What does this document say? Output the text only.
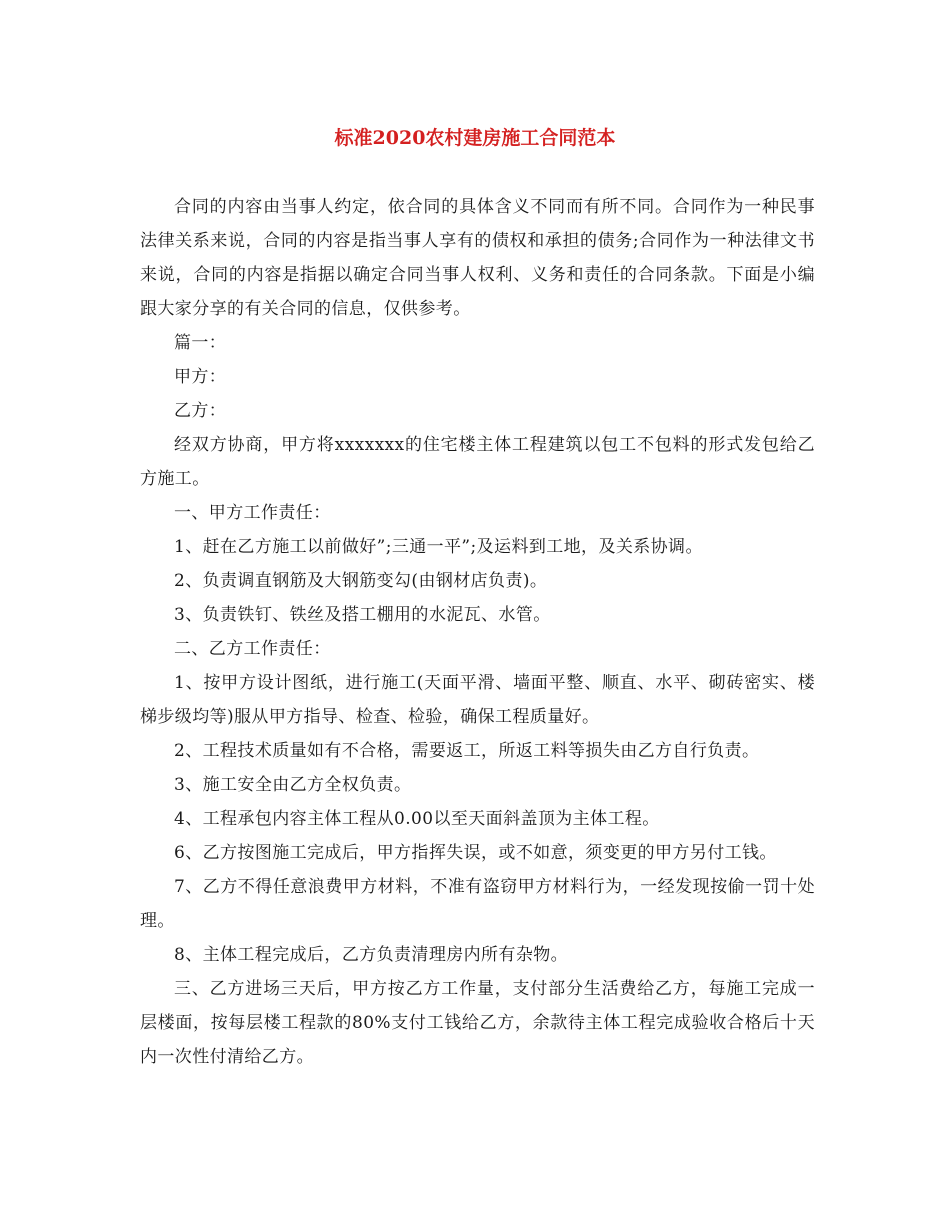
标准2020农村建房施工合同范本

合同的内容由当事人约定，依合同的具体含义不同而有所不同。合同作为一种民事法律关系来说，合同的内容是指当事人享有的债权和承担的债务;合同作为一种法律文书来说，合同的内容是指据以确定合同当事人权利、义务和责任的合同条款。下面是小编跟大家分享的有关合同的信息，仅供参考。

篇一：

甲方：

乙方：

经双方协商，甲方将xxxxxxx的住宅楼主体工程建筑以包工不包料的形式发包给乙方施工。

一、甲方工作责任：

1、赶在乙方施工以前做好”;三通一平”;及运料到工地，及关系协调。

2、负责调直钢筋及大钢筋变勾(由钢材店负责)。

3、负责铁钉、铁丝及搭工棚用的水泥瓦、水管。

二、乙方工作责任：

1、按甲方设计图纸，进行施工(天面平滑、墙面平整、顺直、水平、砌砖密实、楼梯步级均等)服从甲方指导、检查、检验，确保工程质量好。

2、工程技术质量如有不合格，需要返工，所返工料等损失由乙方自行负责。

3、施工安全由乙方全权负责。

4、工程承包内容主体工程从0.00以至天面斜盖顶为主体工程。

6、乙方按图施工完成后，甲方指挥失误，或不如意，须变更的甲方另付工钱。

7、乙方不得任意浪费甲方材料，不准有盗窃甲方材料行为，一经发现按偷一罚十处理。

8、主体工程完成后，乙方负责清理房内所有杂物。

三、乙方进场三天后，甲方按乙方工作量，支付部分生活费给乙方，每施工完成一层楼面，按每层楼工程款的80%支付工钱给乙方，余款待主体工程完成验收合格后十天内一次性付清给乙方。
